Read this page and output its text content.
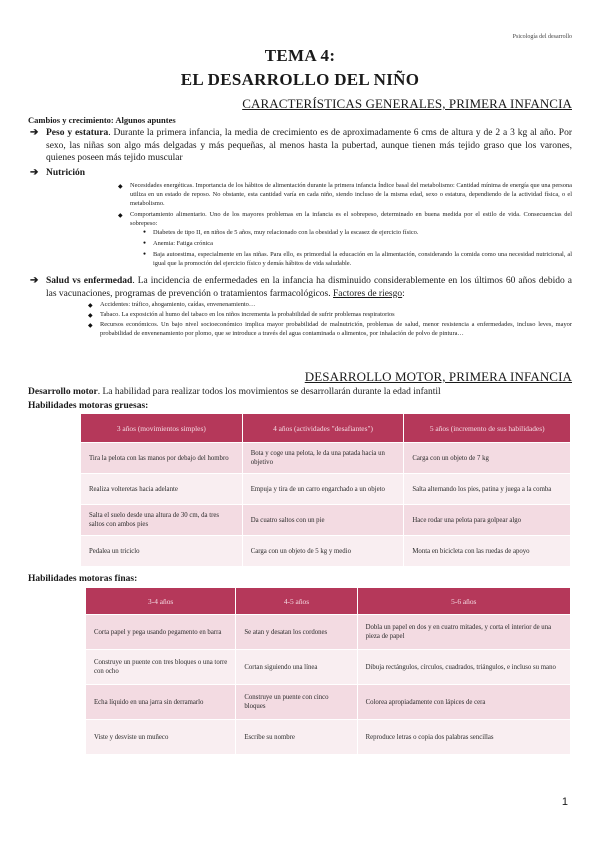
Psicología del desarrollo
TEMA 4:
EL DESARROLLO DEL NIÑO
CARACTERÍSTICAS GENERALES, PRIMERA INFANCIA
Cambios y crecimiento: Algunos apuntes
➔ Peso y estatura. Durante la primera infancia, la media de crecimiento es de aproximadamente 6 cms de altura y de 2 a 3 kg al año. Por sexo, las niñas son algo más delgadas y más pequeñas, al menos hasta la pubertad, aunque tienen más tejido graso que los varones, quienes poseen más tejido muscular
➔ Nutrición
◆ Necesidades energéticas. Importancia de los hábitos de alimentación durante la primera infancia Índice basal del metabolismo: Cantidad mínima de energía que una persona utiliza en un estado de reposo. No obstante, esta cantidad varía en cada niño, siendo incluso de la misma edad, sexo o estatura, dependiendo de la actividad física, o el metabolismo.
◆ Comportamiento alimentario. Uno de los mayores problemas en la infancia es el sobrepeso, determinado en buena medida por el estilo de vida. Consecuencias del sobrepeso:
● Diabetes de tipo II, en niños de 5 años, muy relacionado con la obesidad y la escasez de ejercicio físico.
● Anemia: Fatiga crónica
● Baja autoestima, especialmente en las niñas. Para ello, es primordial la educación en la alimentación, considerando la comida como una necesidad nutricional, al igual que la promoción del ejercicio físico y demás hábitos de vida saludable.
➔ Salud vs enfermedad. La incidencia de enfermedades en la infancia ha disminuido considerablemente en los últimos 60 años debido a las vacunaciones, programas de prevención o tratamientos farmacológicos. Factores de riesgo:
◆ Accidentes: tráfico, ahogamiento, caídas, envenenamiento…
◆ Tabaco. La exposición al humo del tabaco en los niños incrementa la probabilidad de sufrir problemas respiratorios
◆ Recursos económicos. Un bajo nivel socioeconómico implica mayor probabilidad de malnutrición, problemas de salud, menor resistencia a enfermedades, incluso leves, mayor probabilidad de envenenamiento por plomo, que se introduce a través del agua contaminada o alimentos, por inhalación de polvo de pintura…
DESARROLLO MOTOR, PRIMERA INFANCIA
Desarrollo motor. La habilidad para realizar todos los movimientos se desarrollarán durante la edad infantil
Habilidades motoras gruesas:
3 años (movimientos simples)	4 años (actividades "desafiantes")	5 años (incremento de sus habilidades)
Tira la pelota con las manos por debajo del hombro	Bota y coge una pelota, le da una patada hacia un objetivo	Carga con un objeto de 7 kg
Realiza volteretas hacia adelante	Empuja y tira de un carro engarchado a un objeto	Salta alternando los pies, patina y juega a la comba
Salta el suelo desde una altura de 30 cm, da tres saltos con ambos pies	Da cuatro saltos con un pie	Hace rodar una pelota para golpear algo
Pedalea un triciclo	Carga con un objeto de 5 kg y medio	Monta en bicicleta con las ruedas de apoyo
Habilidades motoras finas:
3-4 años	4-5 años	5-6 años
Corta papel y pega usando pegamento en barra	Se atan y desatan los cordones	Dobla un papel en dos y en cuatro mitades, y corta el interior de una pieza de papel
Construye un puente con tres bloques o una torre con ocho	Cortan siguiendo una línea	Dibuja rectángulos, círculos, cuadrados, triángulos, e incluso su mano
Echa líquido en una jarra sin derramarlo	Construye un puente con cinco bloques	Colorea apropiadamente con lápices de cera
Viste y desviste un muñeco	Escribe su nombre	Reproduce letras o copia dos palabras sencillas
1
